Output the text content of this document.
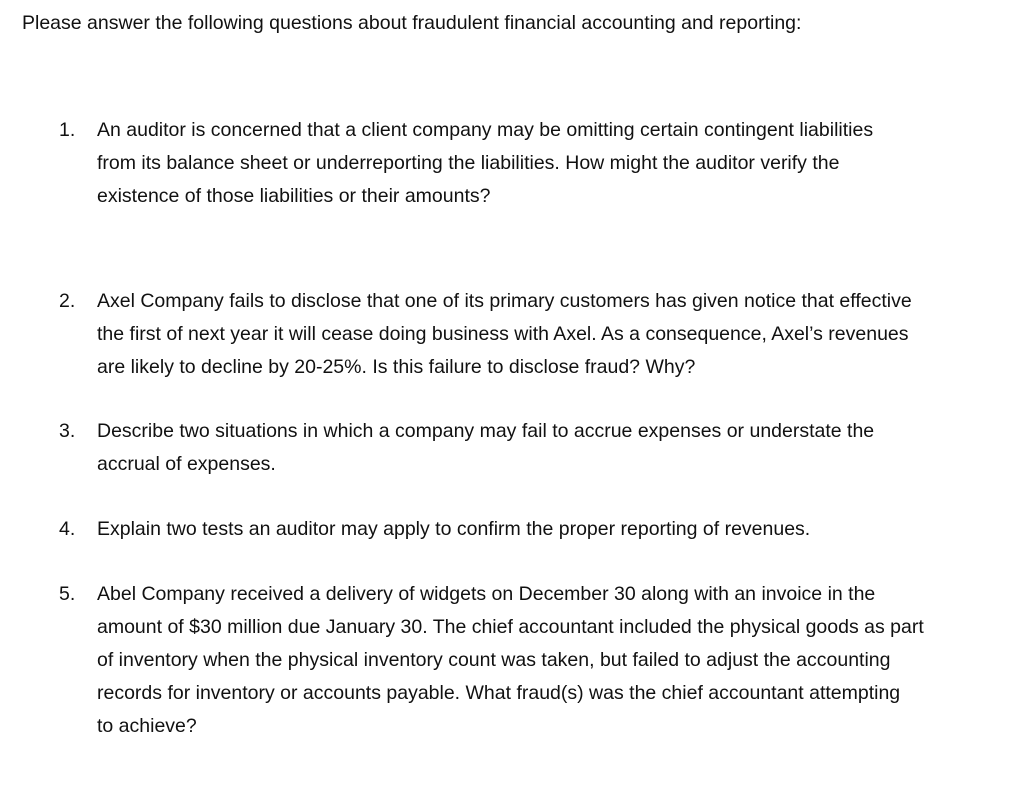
Please answer the following questions about fraudulent financial accounting and reporting:
1. An auditor is concerned that a client company may be omitting certain contingent liabilities
from its balance sheet or underreporting the liabilities. How might the auditor verify the
existence of those liabilities or their amounts?
2. Axel Company fails to disclose that one of its primary customers has given notice that effective
the first of next year it will cease doing business with Axel. As a consequence, Axel’s revenues
are likely to decline by 20-25%. Is this failure to disclose fraud? Why?
3. Describe two situations in which a company may fail to accrue expenses or understate the
accrual of expenses.
4. Explain two tests an auditor may apply to confirm the proper reporting of revenues.
5. Abel Company received a delivery of widgets on December 30 along with an invoice in the
amount of $30 million due January 30. The chief accountant included the physical goods as part
of inventory when the physical inventory count was taken, but failed to adjust the accounting
records for inventory or accounts payable. What fraud(s) was the chief accountant attempting
to achieve?
